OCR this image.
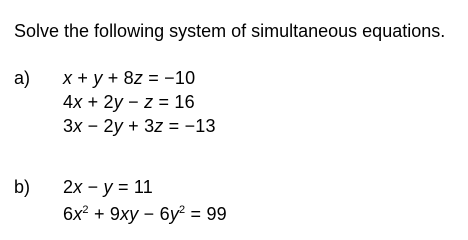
Solve the following system of simultaneous equations.
a) x + y + 8z = −10
4x + 2y − z = 16
3x − 2y + 3z = −13
b) 2x − y = 11
$6x^2 + 9xy - 6y^2 = 99$
